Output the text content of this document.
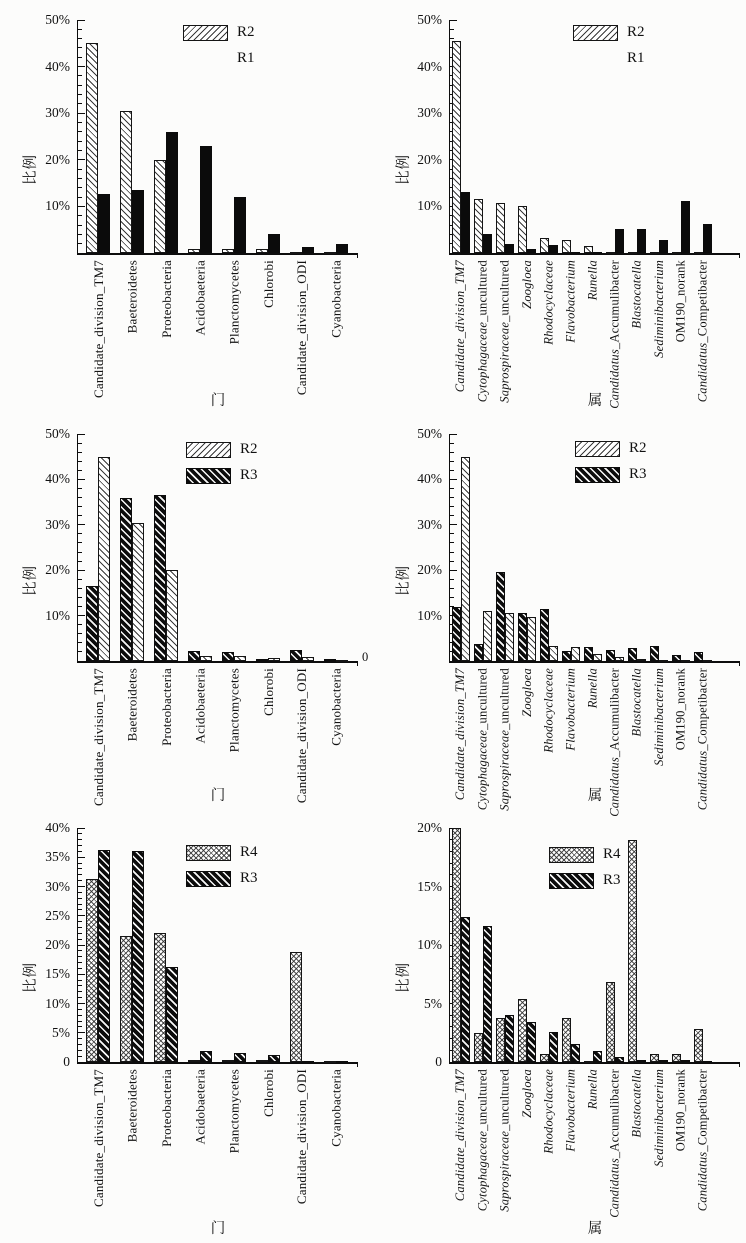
10%
20%
30%
40%
50%
比例
门
Candidate_division_TM7 Baeteroidetes Proteobacteria Acidobaeteria Planctomycetes Chlorobi Candidate_division_ODI Cyanobacteria
R2
R1
10%
20%
30%
40%
50%
比例
属
Candidate_division_TM7 Cytophagaceae_uncultured
Saprospiraceae_uncultured Zoogloea Rhodocyclaceae Flavobacterium Runella
Candidatus_Accumulibacter Blastocatella Sediminibacterium OM190_norank
Candidatus_Competibacter
R2
R1
10%
20%
30%
40%
50%
比例
门
Candidate_division_TM7 Baeteroidetes Proteobacteria Acidobaeteria Planctomycetes Chlorobi Candidate_division_ODI Cyanobacteria
R2
R3
0
10%
20%
30%
40%
50%
比例
属
Candidate_division_TM7 Cytophagaceae_uncultured
Saprospiraceae_uncultured Zoogloea Rhodocyclaceae Flavobacterium Runella
Candidatus_Accumulibacter Blastocatella Sediminibacterium OM190_norank
Candidatus_Competibacter
R2
R3
0
5%
10%
15%
20%
25%
30%
35%
40%
比例
门
Candidate_division_TM7 Baeteroidetes Proteobacteria Acidobaeteria Planctomycetes Chlorobi Candidate_division_ODI Cyanobacteria
R4
R3
0
5%
10%
15%
20%
比例
属
Candidate_division_TM7 Cytophagaceae_uncultured
Saprospiraceae_uncultured Zoogloea Rhodocyclaceae Flavobacterium Runella
Candidatus_Accumulibacter Blastocatella Sediminibacterium OM190_norank
Candidatus_Competibacter
R4
R3
